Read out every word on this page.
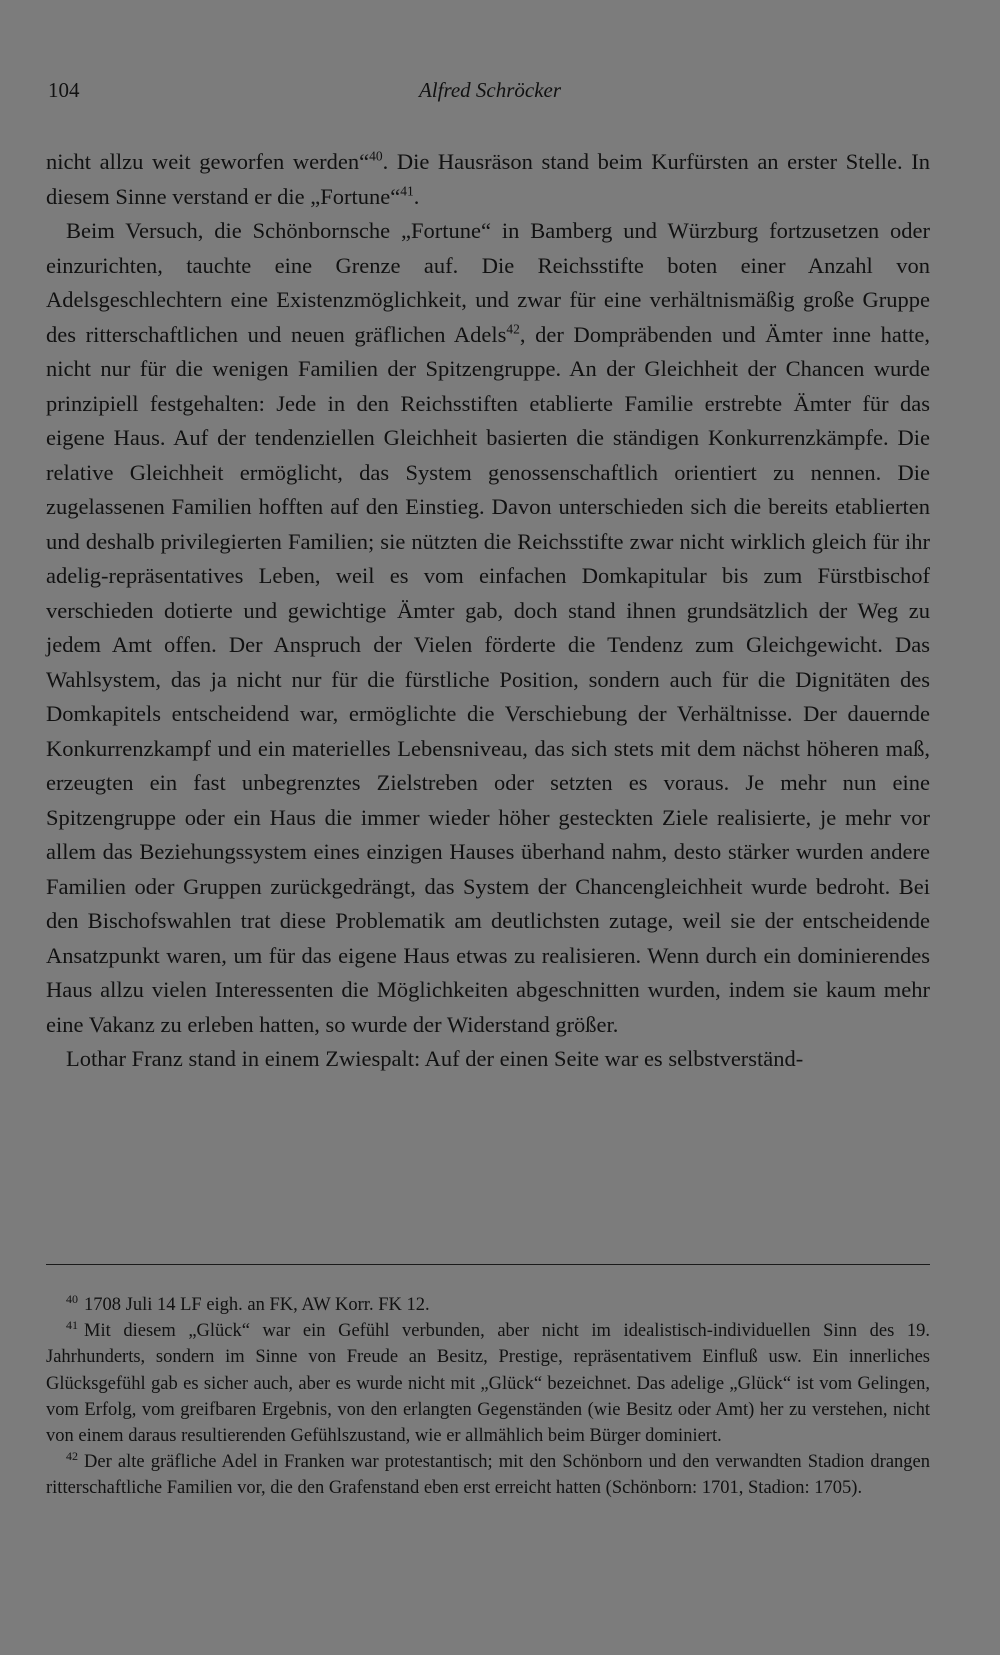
104	Alfred Schröcker

nicht allzu weit geworfen werden“$^{40}$. Die Hausräson stand beim Kurfürsten an erster Stelle. In diesem Sinne verstand er die „Fortune“$^{41}$.

Beim Versuch, die Schönbornsche „Fortune“ in Bamberg und Würzburg fortzusetzen oder einzurichten, tauchte eine Grenze auf. Die Reichsstifte boten einer Anzahl von Adelsgeschlechtern eine Existenzmöglichkeit, und zwar für eine verhältnismäßig große Gruppe des ritterschaftlichen und neuen gräflichen Adels$^{42}$, der Dompräbenden und Ämter inne hatte, nicht nur für die wenigen Familien der Spitzengruppe. An der Gleichheit der Chancen wurde prinzipiell festgehalten: Jede in den Reichsstiften etablierte Familie erstrebte Ämter für das eigene Haus. Auf der tendenziellen Gleichheit basierten die ständigen Konkurrenzkämpfe. Die relative Gleichheit ermöglicht, das System genossenschaftlich orientiert zu nennen. Die zugelassenen Familien hofften auf den Einstieg. Davon unterschieden sich die bereits etablierten und deshalb privilegierten Familien; sie nützten die Reichsstifte zwar nicht wirklich gleich für ihr adelig-repräsentatives Leben, weil es vom einfachen Domkapitular bis zum Fürstbischof verschieden dotierte und gewichtige Ämter gab, doch stand ihnen grundsätzlich der Weg zu jedem Amt offen. Der Anspruch der Vielen förderte die Tendenz zum Gleichgewicht. Das Wahlsystem, das ja nicht nur für die fürstliche Position, sondern auch für die Dignitäten des Domkapitels entscheidend war, ermöglichte die Verschiebung der Verhältnisse. Der dauernde Konkurrenzkampf und ein materielles Lebensniveau, das sich stets mit dem nächst höheren maß, erzeugten ein fast unbegrenztes Zielstreben oder setzten es voraus. Je mehr nun eine Spitzengruppe oder ein Haus die immer wieder höher gesteckten Ziele realisierte, je mehr vor allem das Beziehungssystem eines einzigen Hauses überhand nahm, desto stärker wurden andere Familien oder Gruppen zurückgedrängt, das System der Chancengleichheit wurde bedroht. Bei den Bischofswahlen trat diese Problematik am deutlichsten zutage, weil sie der entscheidende Ansatzpunkt waren, um für das eigene Haus etwas zu realisieren. Wenn durch ein dominierendes Haus allzu vielen Interessenten die Möglichkeiten abgeschnitten wurden, indem sie kaum mehr eine Vakanz zu erleben hatten, so wurde der Widerstand größer.

Lothar Franz stand in einem Zwiespalt: Auf der einen Seite war es selbstverständ-

$^{40}$ 1708 Juli 14 LF eigh. an FK, AW Korr. FK 12.

$^{41}$ Mit diesem „Glück“ war ein Gefühl verbunden, aber nicht im idealistisch-individuellen Sinn des 19. Jahrhunderts, sondern im Sinne von Freude an Besitz, Prestige, repräsentativem Einfluß usw. Ein innerliches Glücksgefühl gab es sicher auch, aber es wurde nicht mit „Glück“ bezeichnet. Das adelige „Glück“ ist vom Gelingen, vom Erfolg, vom greifbaren Ergebnis, von den erlangten Gegenständen (wie Besitz oder Amt) her zu verstehen, nicht von einem daraus resultierenden Gefühlszustand, wie er allmählich beim Bürger dominiert.

$^{42}$ Der alte gräfliche Adel in Franken war protestantisch; mit den Schönborn und den verwandten Stadion drangen ritterschaftliche Familien vor, die den Grafenstand eben erst erreicht hatten (Schönborn: 1701, Stadion: 1705).
